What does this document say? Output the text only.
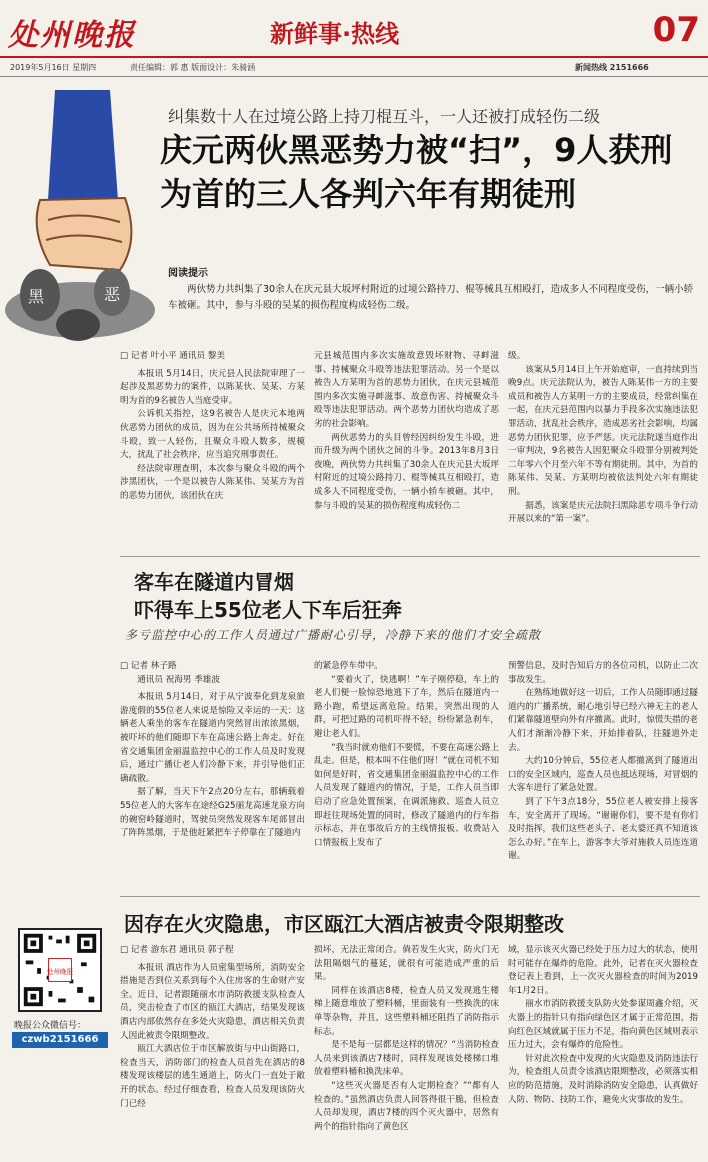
处州晚报	新鲜事·热线	07
2019年5月16日 星期四	责任编辑：郭 惠 版面设计：朱骑涵	新闻热线 2151666
黑	恶
纠集数十人在过境公路上持刀棍互斗，一人还被打成轻伤二级
庆元两伙黑恶势力被“扫”，9人获刑
为首的三人各判六年有期徒刑
阅读提示
两伙势力共纠集了30余人在庆元县大坂坪村附近的过境公路持刀、棍等械具互相殴打，造成多人不同程度受伤，一辆小轿车被砸。其中，参与斗殴的吴某的损伤程度构成轻伤二级。
□ 记者 叶小平 通讯员 黎美

本报讯 5月14日，庆元县人民法院审理了一起涉及黑恶势力的案件，以陈某伙、吴某、方某明为首的9名被告人当庭受审。

公诉机关指控，这9名被告人是庆元本地两伙恶势力团伙的成员，因为在公共场所持械聚众斗殴，致一人轻伤，且聚众斗殴人数多，规模大，扰乱了社会秩序，应当追究刑事责任。

经法院审理查明，本次参与聚众斗殴的两个涉黑团伙，一个是以被告人陈某伟、吴某方为首的恶势力团伙，该团伙在庆

元县城范围内多次实施故意毁坏财物、寻衅滋事、持械聚众斗殴等违法犯罪活动。另一个是以被告人方某明为首的恶势力团伙，在庆元县城范围内多次实施寻衅滋事、故意伤害、持械聚众斗殴等违法犯罪活动。两个恶势力团伙均造成了恶劣的社会影响。

两伙恶势力的头目曾经因纠纷发生斗殴，进而升级为两个团伙之间的斗争。2013年8月3日夜晚，两伙势力共纠集了30余人在庆元县大坂坪村附近的过境公路持刀、棍等械具互相殴打，造成多人不同程度受伤，一辆小轿车被砸。其中，参与斗殴的吴某的损伤程度构成轻伤二

级。

该案从5月14日上午开始庭审，一直持续到当晚9点。庆元法院认为，被告人陈某伟一方的主要成员和被告人方某明一方的主要成员，经常纠集在一起，在庆元县范围内以暴力手段多次实施违法犯罪活动，扰乱社会秩序，造成恶劣社会影响，均属恶势力团伙犯罪，应予严惩。庆元法院遂当庭作出一审判决，9名被告人因犯聚众斗殴罪分别被判处二年零六个月至六年不等有期徒刑。其中，为首的陈某伟、吴某、方某明均被依法判处六年有期徒刑。

据悉，该案是庆元法院扫黑除恶专项斗争行动开展以来的“第一案”。

客车在隧道内冒烟
吓得车上55位老人下车后狂奔
多亏监控中心的工作人员通过广播耐心引导，冷静下来的他们才安全疏散
□ 记者 林子路
通讯员 祝海男 季雄波

本报讯 5月14日，对于从宁波奉化到龙泉旅游度假的55位老人来说是惊险又幸运的一天：这辆老人乘坐的客车在隧道内突然冒出浓浓黑烟，被吓坏的他们随即下车在高速公路上奔走。好在省交通集团金丽温监控中心的工作人员及时发现后，通过广播让老人们冷静下来，并引导他们正确疏散。

据了解，当天下午2点20分左右，那辆载着55位老人的大客车在途经G25丽龙高速龙泉方向的碗窑岭隧道时，驾驶员突然发现客车尾部冒出了阵阵黑烟，于是他赶紧把车子停靠在了隧道内

的紧急停车带中。

“要着火了，快逃啊！”车子刚停稳，车上的老人们便一脸惊恐地逃下了车，然后在隧道内一路小跑，希望远离危险。结果，突然出现的人群，可把过路的司机吓得不轻，纷纷紧急刹车，避让老人们。

“我当时就劝他们不要慌，不要在高速公路上乱走。但是，根本叫不住他们呀！”就在司机不知如何是好时，省交通集团金丽温监控中心的工作人员发现了隧道内的情况，于是，工作人员当即启动了应急处置预案，在调派施救、巡查人员立即赶往现场处置的同时，修改了隧道内的行车指示标志，并在事故后方的主线情报板、收费站入口情报板上发布了

预警信息，及时告知后方的各位司机，以防止二次事故发生。

在熟练地做好这一切后，工作人员随即通过隧道内的广播系统，耐心地引导已经六神无主的老人们紧靠隧道壁向外有序撤离。此时，惊慌失措的老人们才渐渐冷静下来，开始排着队，往隧道外走去。

大约10分钟后，55位老人都撤离到了隧道出口的安全区域内，巡查人员也抵达现场，对冒烟的大客车进行了紧急处置。

到了下午3点18分，55位老人被安排上接客车，安全离开了现场。“谢谢你们，要不是有你们及时指挥，我们这些老头子、老太婆还真不知道该怎么办好。”在车上，游客李大爷对施救人员连连道谢。

因存在火灾隐患，市区瓯江大酒店被责令限期整改
□ 记者 游东君 通讯员 郭子程

本报讯 酒店作为人员密集型场所，消防安全措施是否到位关系到每个入住房客的生命财产安全。近日，记者跟随丽水市消防救援支队检查人员，突击检查了市区的瓯江大酒店，结果发现该酒店内部依然存在多处火灾隐患，酒店相关负责人因此被责令限期整改。

瓯江大酒店位于市区解放街与中山街路口，检查当天，消防部门的检查人员首先在酒店的8楼发现该楼层的逃生通道上，防火门一直处于敞开的状态。经过仔细查看，检查人员发现该防火门已经

损坏，无法正常闭合。倘若发生火灾，防火门无法阻隔烟气的蔓延，就很有可能造成严重的后果。

同样在该酒店8楼，检查人员又发现逃生楼梯上随意堆放了塑料桶，里面装有一些换洗的床单等杂物，并且，这些塑料桶还阻挡了消防指示标志。

是不是每一层都是这样的情况？“当消防检查人员来到该酒店7楼时，同样发现该处楼梯口堆放着塑料桶和换洗床单。

“这些灭火器是否有人定期检查？”“都有人检查的。”虽然酒店负责人回答得很干脆，但检查人员却发现，酒店7楼的四个灭火器中，居然有两个的指针指向了黄色区

域，显示该灭火器已经处于压力过大的状态，使用时可能存在爆炸的危险。此外，记者在灭火器检查登记表上看到，上一次灭火器检查的时间为2019年1月2日。

丽水市消防救援支队防火处参谋周鑫介绍，灭火器上的指针只有指向绿色区才属于正常范围，指向红色区域就属于压力不足，指向黄色区域则表示压力过大，会有爆炸的危险性。

针对此次检查中发现的火灾隐患及消防违法行为，检查组人员责令该酒店限期整改，必须落实相应的防范措施，及时消除消防安全隐患，认真做好人防、物防、技防工作，避免火灾事故的发生。

处州晚报
晚报公众微信号：
czwb2151666
